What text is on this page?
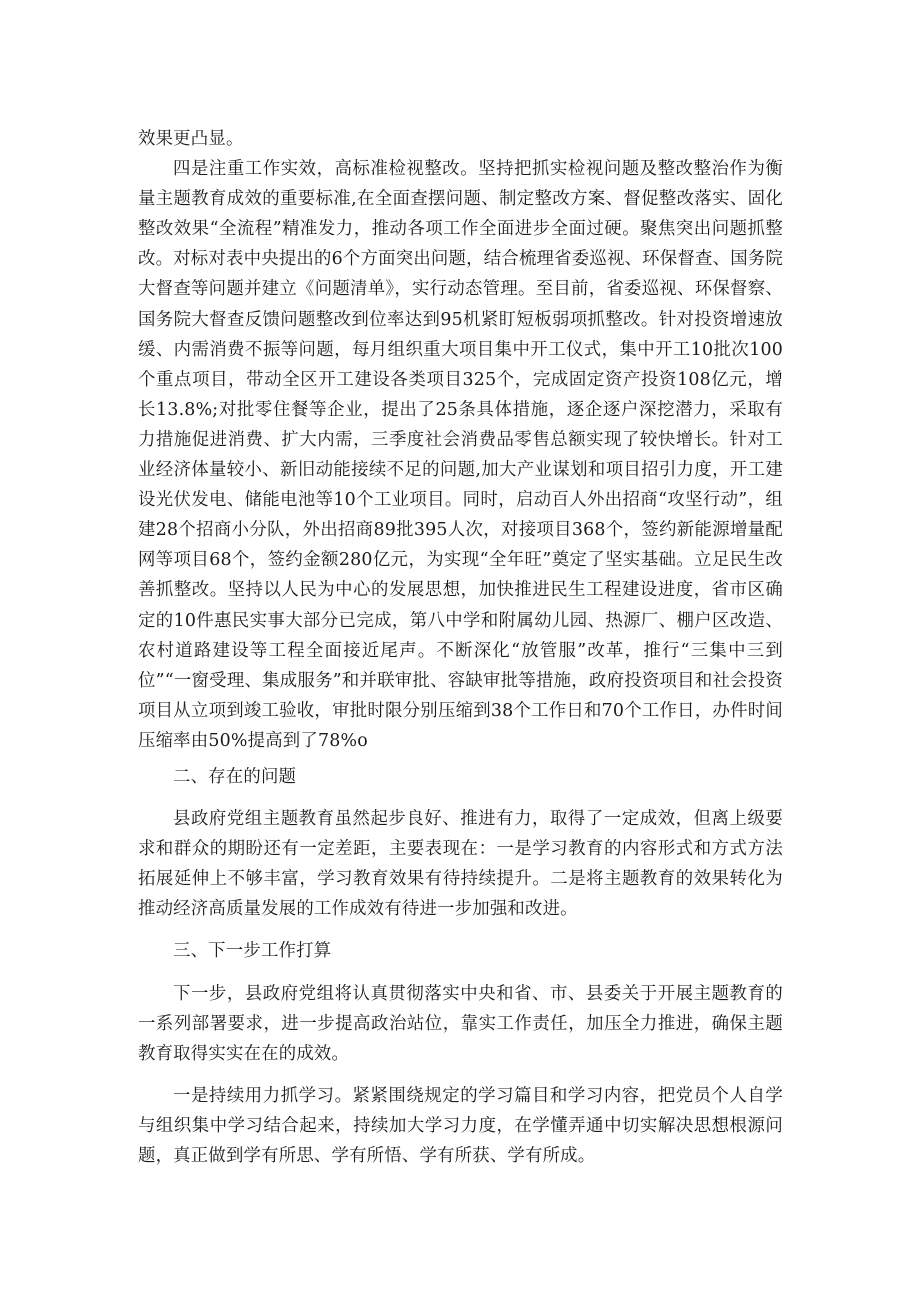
效果更凸显。

四是注重工作实效，高标准检视整改。坚持把抓实检视问题及整改整治作为衡量主题教育成效的重要标准,在全面查摆问题、制定整改方案、督促整改落实、固化整改效果“全流程”精准发力，推动各项工作全面进步全面过硬。聚焦突出问题抓整改。对标对表中央提出的6个方面突出问题，结合梳理省委巡视、环保督查、国务院大督查等问题并建立《问题清单》，实行动态管理。至目前，省委巡视、环保督察、国务院大督查反馈问题整改到位率达到95机紧盯短板弱项抓整改。针对投资增速放缓、内需消费不振等问题，每月组织重大项目集中开工仪式，集中开工10批次100个重点项目，带动全区开工建设各类项目325个，完成固定资产投资108亿元，增长13.8%;对批零住餐等企业，提出了25条具体措施，逐企逐户深挖潜力，采取有力措施促进消费、扩大内需，三季度社会消费品零售总额实现了较快增长。针对工业经济体量较小、新旧动能接续不足的问题,加大产业谋划和项目招引力度，开工建设光伏发电、储能电池等10个工业项目。同时，启动百人外出招商“攻坚行动”，组建28个招商小分队，外出招商89批395人次，对接项目368个，签约新能源增量配网等项目68个，签约金额280亿元，为实现“全年旺”奠定了坚实基础。立足民生改善抓整改。坚持以人民为中心的发展思想，加快推进民生工程建设进度，省市区确定的10件惠民实事大部分已完成，第八中学和附属幼儿园、热源厂、棚户区改造、农村道路建设等工程全面接近尾声。不断深化“放管服”改革，推行“三集中三到位”“一窗受理、集成服务”和并联审批、容缺审批等措施，政府投资项目和社会投资项目从立项到竣工验收，审批时限分别压缩到38个工作日和70个工作日，办件时间压缩率由50%提高到了78%o

二、存在的问题

县政府党组主题教育虽然起步良好、推进有力，取得了一定成效，但离上级要求和群众的期盼还有一定差距，主要表现在：一是学习教育的内容形式和方式方法拓展延伸上不够丰富，学习教育效果有待持续提升。二是将主题教育的效果转化为推动经济高质量发展的工作成效有待进一步加强和改进。

三、下一步工作打算

下一步，县政府党组将认真贯彻落实中央和省、市、县委关于开展主题教育的一系列部署要求，进一步提高政治站位，靠实工作责任，加压全力推进，确保主题教育取得实实在在的成效。

一是持续用力抓学习。紧紧围绕规定的学习篇目和学习内容，把党员个人自学与组织集中学习结合起来，持续加大学习力度，在学懂弄通中切实解决思想根源问题，真正做到学有所思、学有所悟、学有所获、学有所成。
